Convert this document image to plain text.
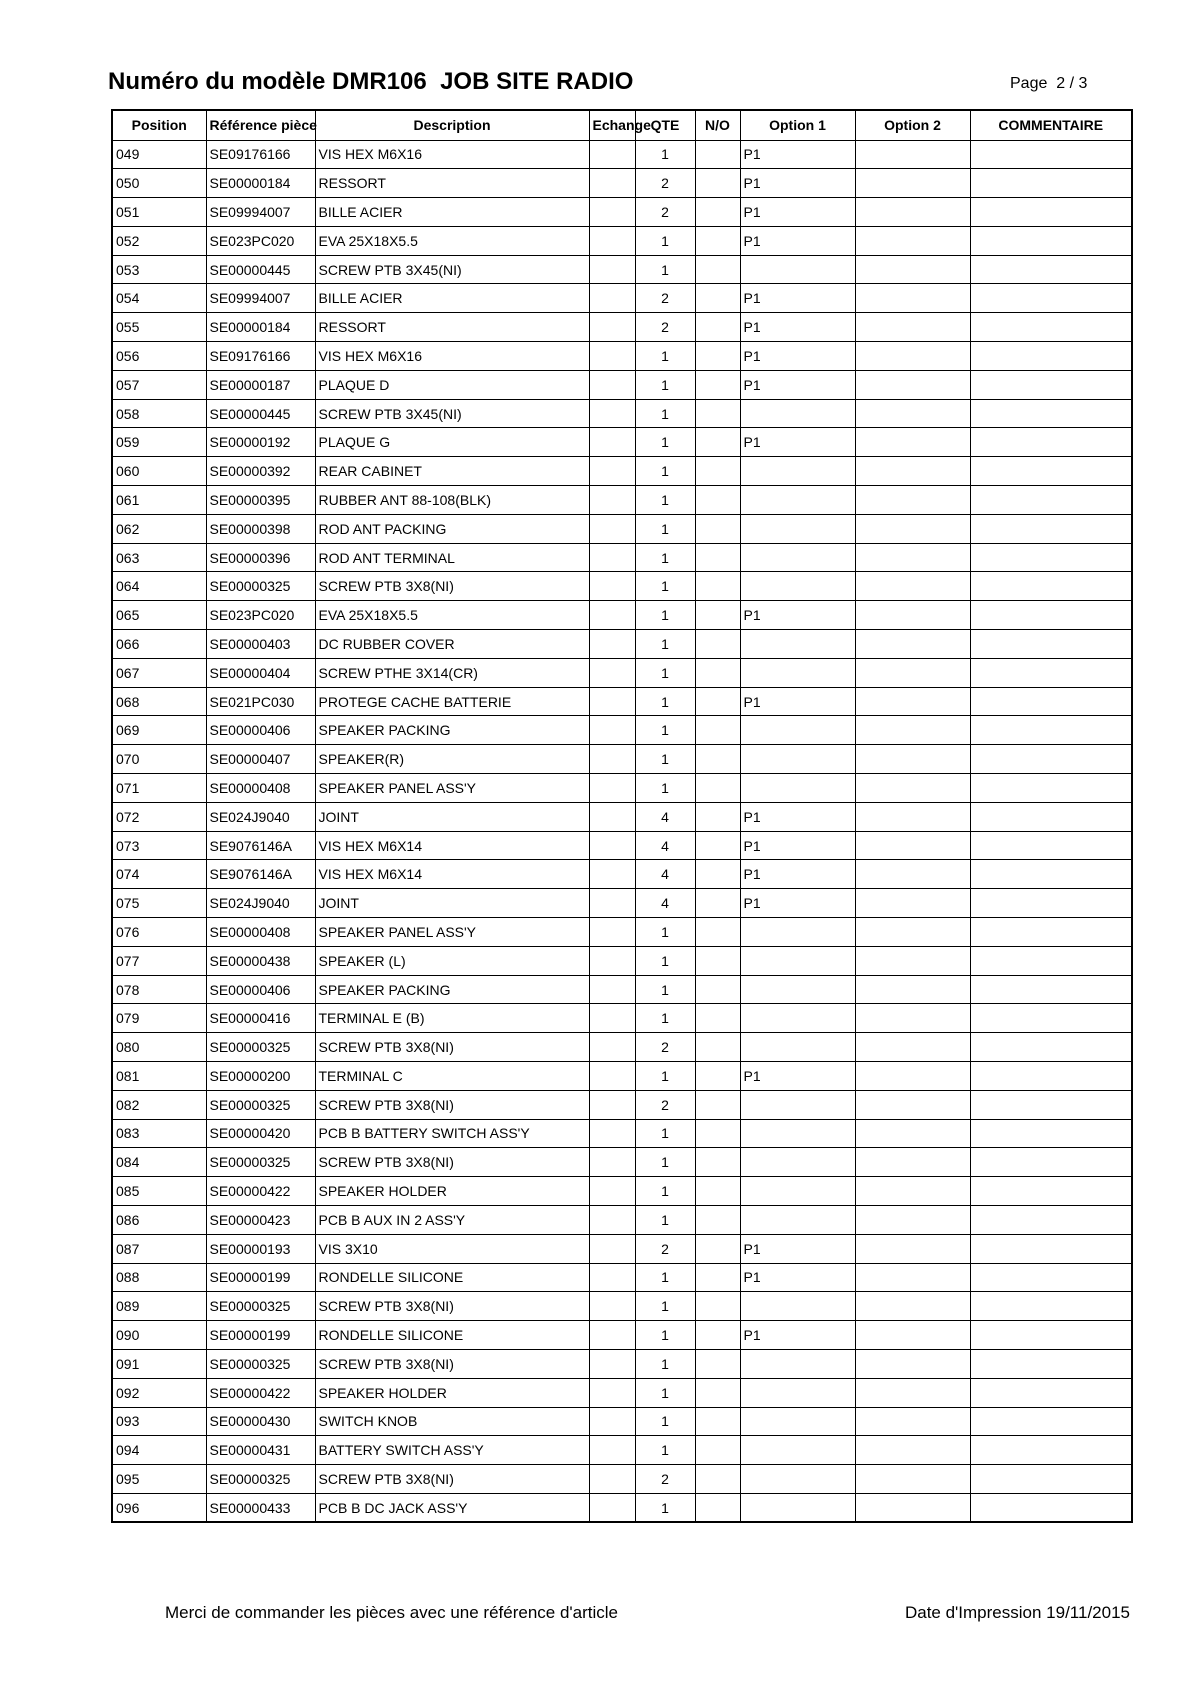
Numéro du modèle DMR106  JOB SITE RADIO	Page  2 / 3
Position	Référence pièce	Description	Echange	QTE	N/O	Option 1	Option 2	COMMENTAIRE
049	SE09176166	VIS HEX M6X16		1		P1		
050	SE00000184	RESSORT		2		P1		
051	SE09994007	BILLE ACIER		2		P1		
052	SE023PC020	EVA 25X18X5.5		1		P1		
053	SE00000445	SCREW PTB 3X45(NI)		1				
054	SE09994007	BILLE ACIER		2		P1		
055	SE00000184	RESSORT		2		P1		
056	SE09176166	VIS HEX M6X16		1		P1		
057	SE00000187	PLAQUE D		1		P1		
058	SE00000445	SCREW PTB 3X45(NI)		1				
059	SE00000192	PLAQUE G		1		P1		
060	SE00000392	REAR CABINET		1				
061	SE00000395	RUBBER ANT 88-108(BLK)		1				
062	SE00000398	ROD ANT PACKING		1				
063	SE00000396	ROD ANT TERMINAL		1				
064	SE00000325	SCREW PTB 3X8(NI)		1				
065	SE023PC020	EVA 25X18X5.5		1		P1		
066	SE00000403	DC RUBBER COVER		1				
067	SE00000404	SCREW PTHE 3X14(CR)		1				
068	SE021PC030	PROTEGE CACHE BATTERIE		1		P1		
069	SE00000406	SPEAKER PACKING		1				
070	SE00000407	SPEAKER(R)		1				
071	SE00000408	SPEAKER PANEL ASS'Y		1				
072	SE024J9040	JOINT		4		P1		
073	SE9076146A	VIS HEX M6X14		4		P1		
074	SE9076146A	VIS HEX M6X14		4		P1		
075	SE024J9040	JOINT		4		P1		
076	SE00000408	SPEAKER PANEL ASS'Y		1				
077	SE00000438	SPEAKER (L)		1				
078	SE00000406	SPEAKER PACKING		1				
079	SE00000416	TERMINAL E (B)		1				
080	SE00000325	SCREW PTB 3X8(NI)		2				
081	SE00000200	TERMINAL C		1		P1		
082	SE00000325	SCREW PTB 3X8(NI)		2				
083	SE00000420	PCB B BATTERY SWITCH ASS'Y		1				
084	SE00000325	SCREW PTB 3X8(NI)		1				
085	SE00000422	SPEAKER HOLDER		1				
086	SE00000423	PCB B AUX IN 2 ASS'Y		1				
087	SE00000193	VIS 3X10		2		P1		
088	SE00000199	RONDELLE SILICONE		1		P1		
089	SE00000325	SCREW PTB 3X8(NI)		1				
090	SE00000199	RONDELLE SILICONE		1		P1		
091	SE00000325	SCREW PTB 3X8(NI)		1				
092	SE00000422	SPEAKER HOLDER		1				
093	SE00000430	SWITCH KNOB		1				
094	SE00000431	BATTERY SWITCH ASS'Y		1				
095	SE00000325	SCREW PTB 3X8(NI)		2				
096	SE00000433	PCB B DC JACK ASS'Y		1				
Merci de commander les pièces avec une référence d'article	Date d'Impression 19/11/2015
